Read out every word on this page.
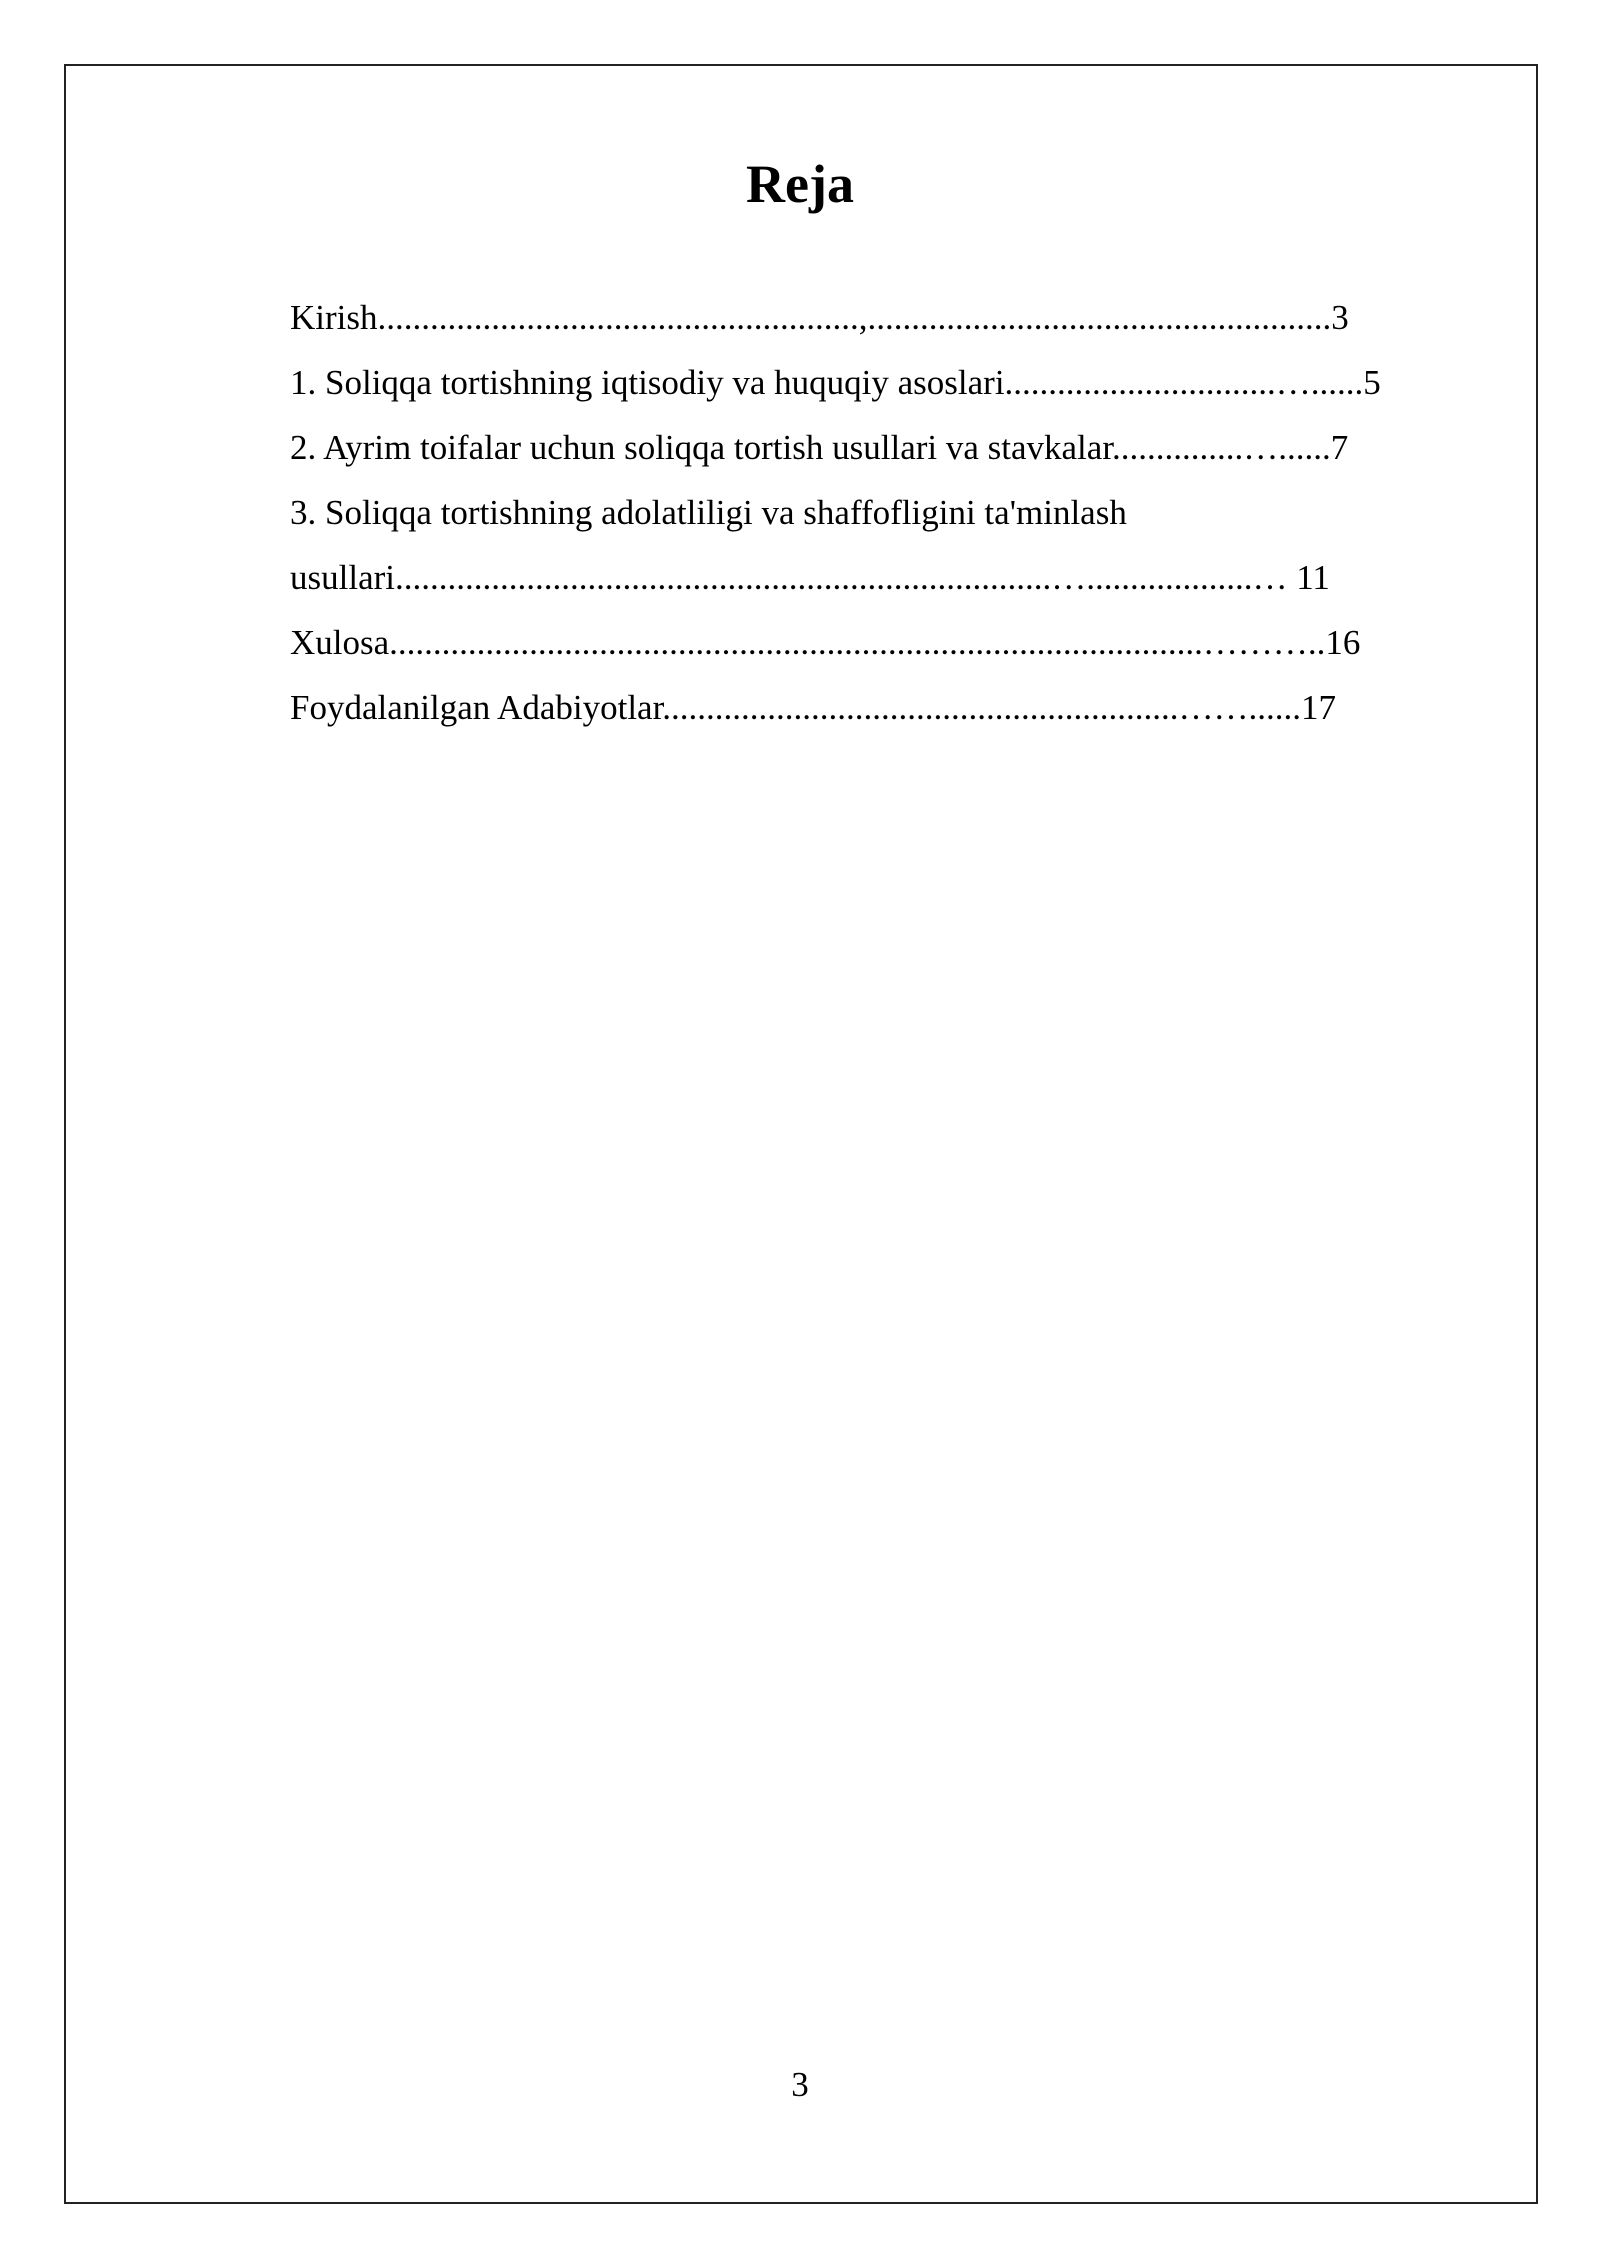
Reja
Kirish.......................................................,.....................................................3
1. Soliqqa tortishning iqtisodiy va huquqiy asoslari...............................…......5
2. Ayrim toifalar uchun soliqqa tortish usullari va stavkalar...............…......7
3. Soliqqa tortishning adolatliligi va shaffofligini ta'minlash
usullari...........................................................................…...................… 11
Xulosa.............................................................................................………..16
Foydalanilgan Adabiyotlar...........................................................……......17
3
